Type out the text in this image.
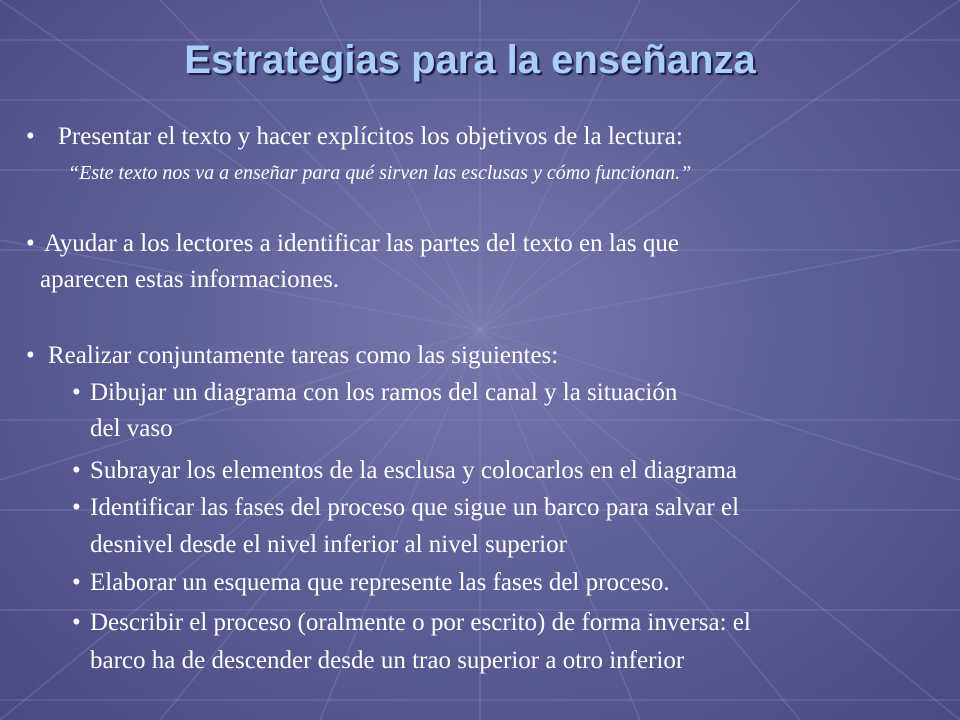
Estrategias para la enseñanza
• Presentar el texto y hacer explícitos los objetivos de la lectura:
“Este texto nos va a enseñar para qué sirven las esclusas y cómo funcionan.”
• Ayudar a los lectores a identificar las partes del texto en las que
aparecen estas informaciones.
• Realizar conjuntamente tareas como las siguientes:
• Dibujar un diagrama con los ramos del canal y la situación
del vaso
• Subrayar los elementos de la esclusa y colocarlos en el diagrama
• Identificar las fases del proceso que sigue un barco para salvar el
desnivel desde el nivel inferior al nivel superior
• Elaborar un esquema que represente las fases del proceso.
• Describir el proceso (oralmente o por escrito) de forma inversa: el
barco ha de descender desde un trao superior a otro inferior
